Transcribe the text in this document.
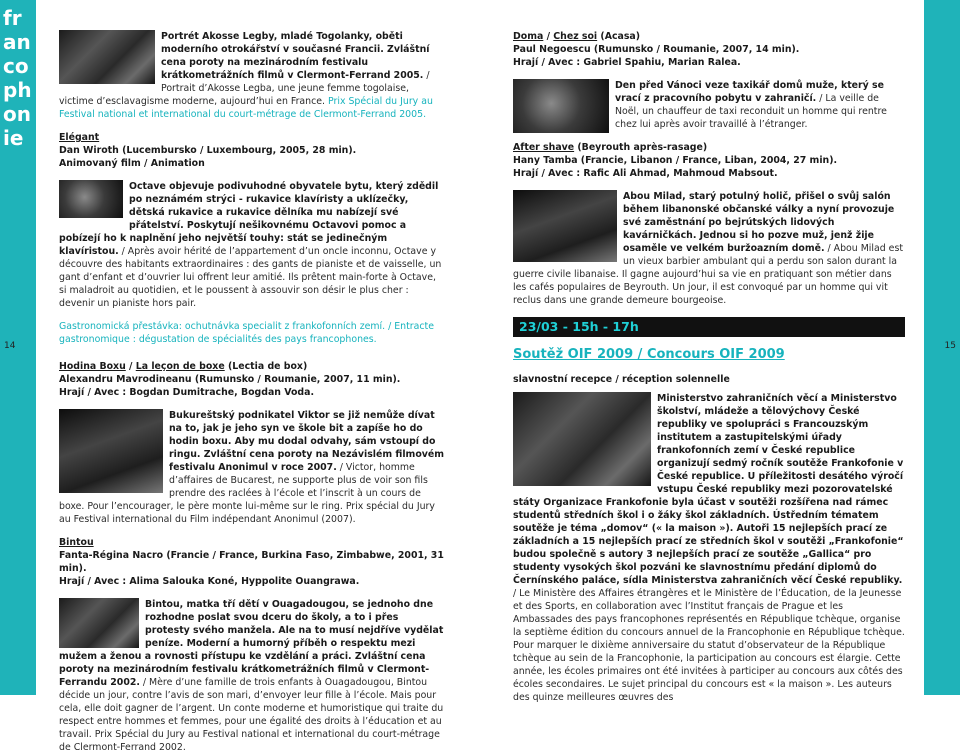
fr
an
co
ph
on
ie
14	15

Portrét Akosse Legby, mladé Togolanky, oběti moderního otrokářství v současné Francii. Zvláštní cena poroty na mezinárodním festivalu krátkometrážních filmů v Clermont-Ferrand 2005. / Portrait d’Akosse Legba, une jeune femme togolaise, victime d’esclavagisme moderne, aujourd’hui en France. Prix Spécial du Jury au Festival national et international du court-métrage de Clermont-Ferrand 2005.

Elégant
Dan Wiroth (Lucembursko / Luxembourg, 2005, 28 min).
Animovaný film / Animation

Octave objevuje podivuhodné obyvatele bytu, který zdědil po neznámém strýci - rukavice klavíristy a uklízečky, dětská rukavice a rukavice dělníka mu nabízejí své přátelství. Poskytují nešikovnému Octavovi pomoc a pobízejí ho k naplnění jeho největší touhy: stát se jedinečným klavíristou. / Après avoir hérité de l’appartement d’un oncle inconnu, Octave y découvre des habitants extraordinaires : des gants de pianiste et de vaisselle, un gant d’enfant et d’ouvrier lui offrent leur amitié. Ils prêtent main-forte à Octave, si maladroit au quotidien, et le poussent à assouvir son désir le plus cher : devenir un pianiste hors pair.

Gastronomická přestávka: ochutnávka specialit z frankofonních zemí. / Entracte gastronomique : dégustation de spécialités des pays francophones.

Hodina Boxu / La leçon de boxe (Lectia de box)
Alexandru Mavrodineanu (Rumunsko / Roumanie, 2007, 11 min).
Hrají / Avec : Bogdan Dumitrache, Bogdan Voda.

Bukureštský podnikatel Viktor se již nemůže dívat na to, jak je jeho syn ve škole bit a zapíše ho do hodin boxu. Aby mu dodal odvahy, sám vstoupí do ringu. Zvláštní cena poroty na Nezávislém filmovém festivalu Anonimul v roce 2007. / Victor, homme d’affaires de Bucarest, ne supporte plus de voir son fils prendre des raclées à l’école et l’inscrit à un cours de boxe. Pour l’encourager, le père monte lui-même sur le ring. Prix spécial du Jury au Festival international du Film indépendant Anonimul (2007).

Bintou
Fanta-Régina Nacro (Francie / France, Burkina Faso, Zimbabwe, 2001, 31 min).
Hrají / Avec : Alima Salouka Koné, Hyppolite Ouangrawa.

Bintou, matka tří dětí v Ouagadougou, se jednoho dne rozhodne poslat svou dceru do školy, a to i přes protesty svého manžela. Ale na to musí nejdříve vydělat peníze. Moderní a humorný příběh o respektu mezi mužem a ženou a rovnosti přístupu ke vzdělání a práci. Zvláštní cena poroty na mezinárodním festivalu krátkometrážních filmů v Clermont-Ferrandu 2002. / Mère d’une famille de trois enfants à Ouagadougou, Bintou décide un jour, contre l’avis de son mari, d’envoyer leur fille à l’école. Mais pour cela, elle doit gagner de l’argent. Un conte moderne et humoristique qui traite du respect entre hommes et femmes, pour une égalité des droits à l’éducation et au travail. Prix Spécial du Jury au Festival national et international du court-métrage de Clermont-Ferrand 2002.

Doma / Chez soi (Acasa)
Paul Negoescu (Rumunsko / Roumanie, 2007, 14 min).
Hrají / Avec : Gabriel Spahiu, Marian Ralea.

Den před Vánoci veze taxikář domů muže, který se vrací z pracovního pobytu v zahraničí. / La veille de Noël, un chauffeur de taxi reconduit un homme qui rentre chez lui après avoir travaillé à l’étranger.

After shave (Beyrouth après-rasage)
Hany Tamba (Francie, Libanon / France, Liban, 2004, 27 min).
Hrají / Avec : Rafic Ali Ahmad, Mahmoud Mabsout.

Abou Milad, starý potulný holič, přišel o svůj salón během libanonské občanské války a nyní provozuje své zaměstnání po bejrútských lidových kavárničkách. Jednou si ho pozve muž, jenž žije osaměle ve velkém buržoazním domě. / Abou Milad est un vieux barbier ambulant qui a perdu son salon durant la guerre civile libanaise. Il gagne aujourd’hui sa vie en pratiquant son métier dans les cafés populaires de Beyrouth. Un jour, il est convoqué par un homme qui vit reclus dans une grande demeure bourgeoise.

23/03 - 15h - 17h

Soutěž OIF 2009 / Concours OIF 2009

slavnostní recepce / réception solennelle

Ministerstvo zahraničních věcí a Ministerstvo školství, mládeže a tělovýchovy České republiky ve spolupráci s Francouzským institutem a zastupitelskými úřady frankofonních zemí v České republice organizují sedmý ročník soutěže Frankofonie v České republice. U příležitosti desátého výročí vstupu České republiky mezi pozorovatelské státy Organizace Frankofonie byla účast v soutěži rozšířena nad rámec studentů středních škol i o žáky škol základních. Ústředním tématem soutěže je téma „domov“ (« la maison »). Autoři 15 nejlepších prací ze základních a 15 nejlepších prací ze středních škol v soutěži „Frankofonie“ budou společně s autory 3 nejlepších prací ze soutěže „Gallica“ pro studenty vysokých škol pozváni ke slavnostnímu předání diplomů do Černínského paláce, sídla Ministerstva zahraničních věcí České republiky. / Le Ministère des Affaires étrangères et le Ministère de l’Éducation, de la Jeunesse et des Sports, en collaboration avec l’Institut français de Prague et les Ambassades des pays francophones représentés en République tchèque, organise la septième édition du concours annuel de la Francophonie en République tchèque. Pour marquer le dixième anniversaire du statut d’observateur de la République tchèque au sein de la Francophonie, la participation au concours est élargie. Cette année, les écoles primaires ont été invitées à participer au concours aux côtés des écoles secondaires. Le sujet principal du concours est « la maison ». Les auteurs des quinze meilleures œuvres des
